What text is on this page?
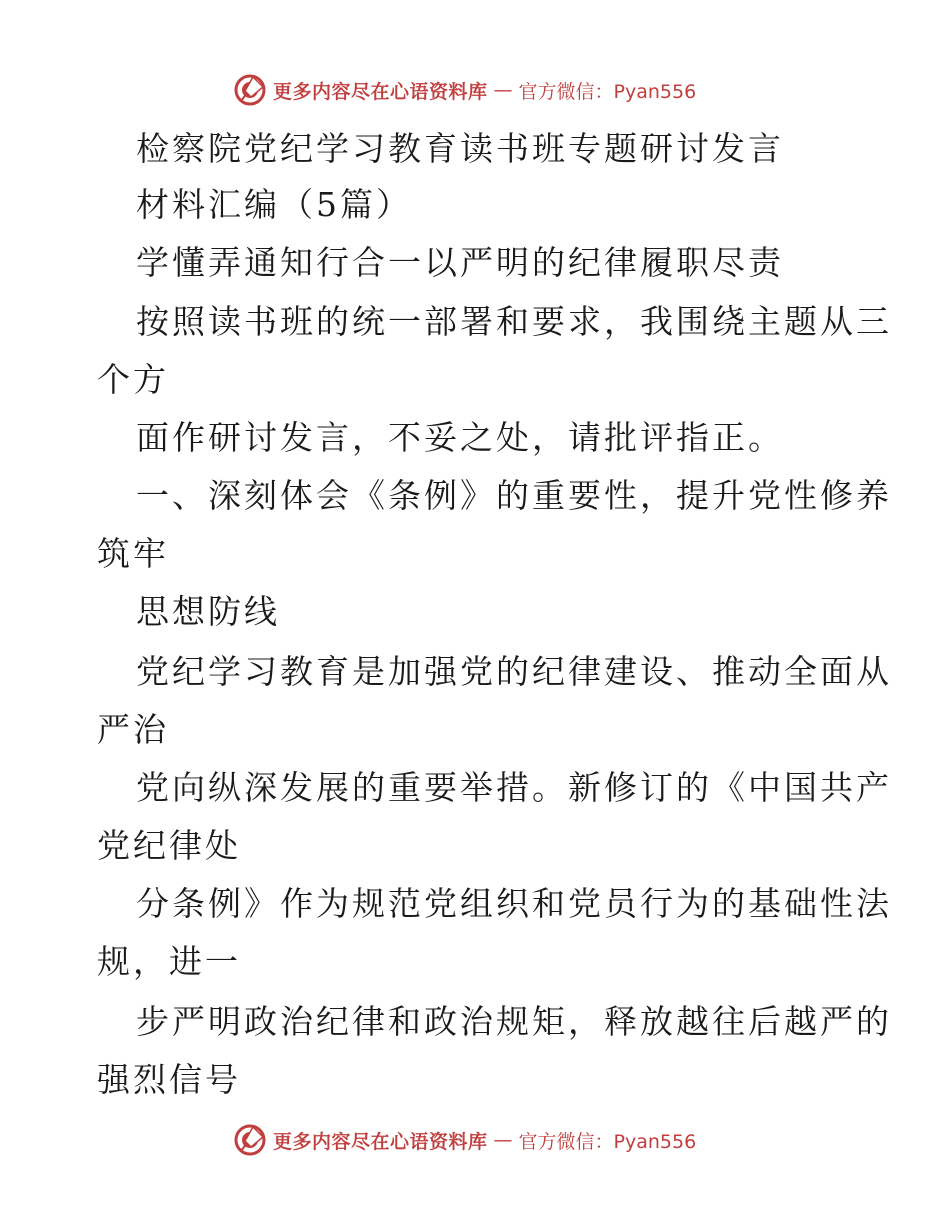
更多内容尽在心语资料库 — 官方微信：Pyan556
检察院党纪学习教育读书班专题研讨发言
材料汇编（5篇）
学懂弄通知行合一以严明的纪律履职尽责
按照读书班的统一部署和要求，我围绕主题从三
个方
面作研讨发言，不妥之处，请批评指正。
一、深刻体会《条例》的重要性，提升党性修养
筑牢
思想防线
党纪学习教育是加强党的纪律建设、推动全面从
严治
党向纵深发展的重要举措。新修订的《中国共产
党纪律处
分条例》作为规范党组织和党员行为的基础性法
规，进一
步严明政治纪律和政治规矩，释放越往后越严的
强烈信号
更多内容尽在心语资料库 — 官方微信：Pyan556
